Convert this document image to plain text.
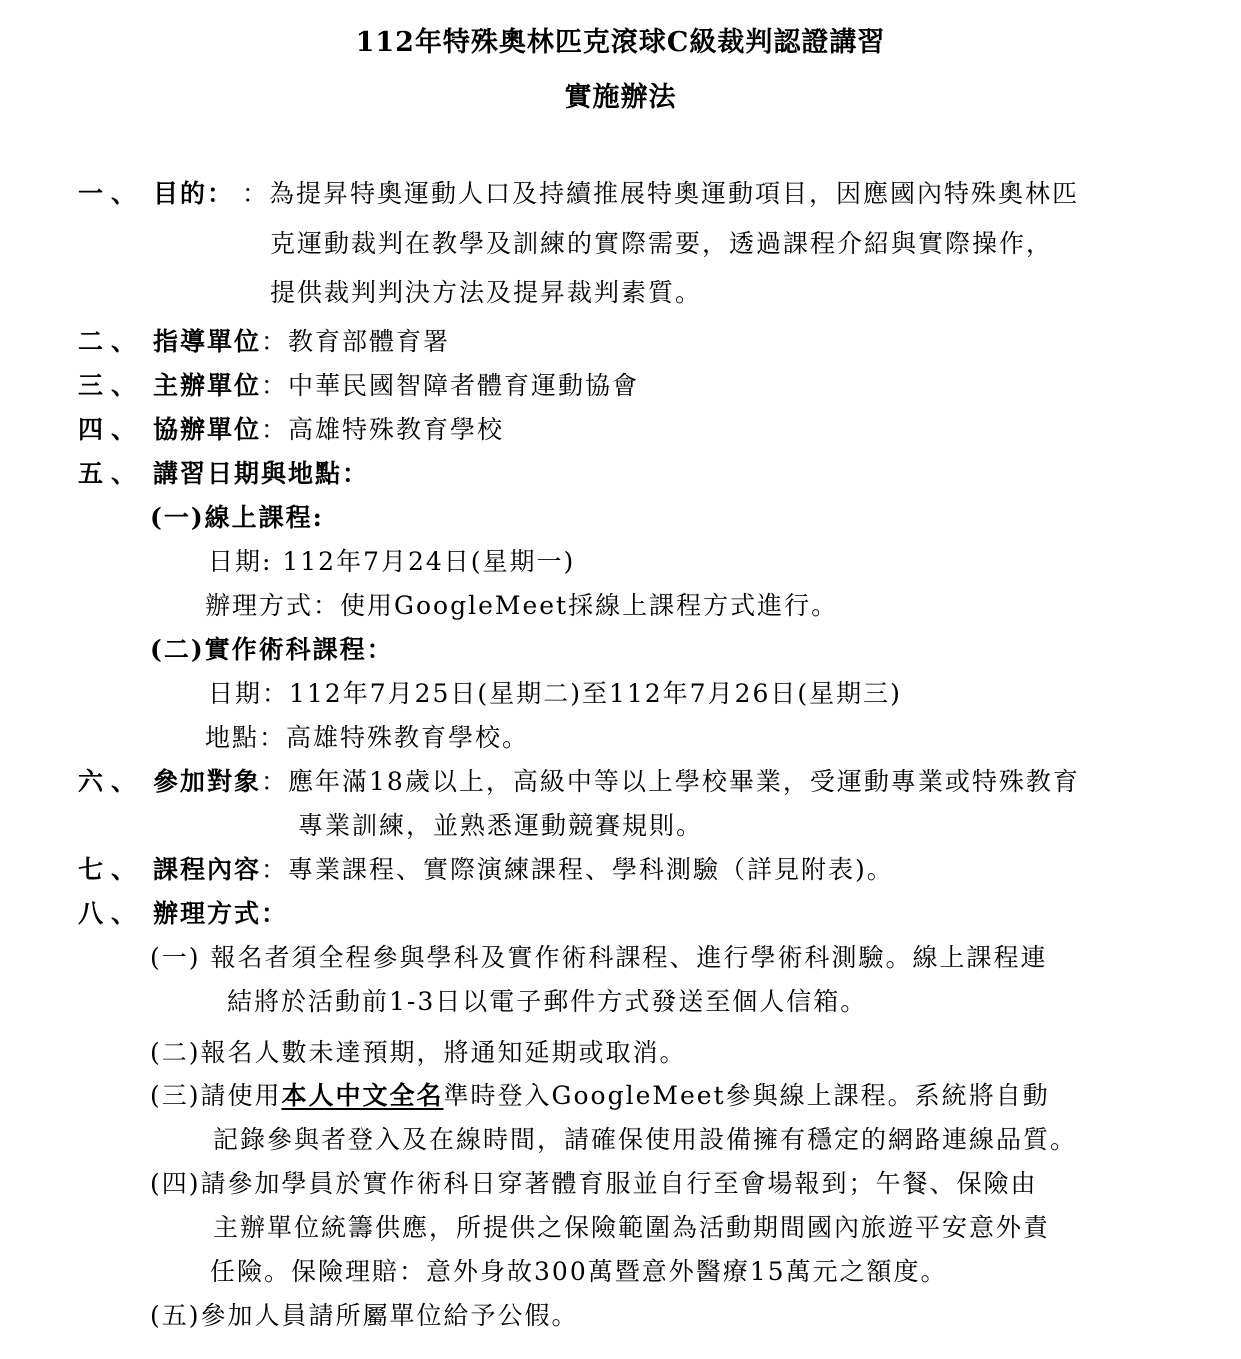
112年特殊奧林匹克滾球C級裁判認證講習
實施辦法
一、 目的： ：為提昇特奧運動人口及持續推展特奧運動項目，因應國內特殊奧林匹
克運動裁判在教學及訓練的實際需要，透過課程介紹與實際操作，
提供裁判判決方法及提昇裁判素質。
二、 指導單位：教育部體育署
三、 主辦單位：中華民國智障者體育運動協會
四、 協辦單位：高雄特殊教育學校
五、 講習日期與地點：
(一)線上課程:
日期: 112年7月24日(星期一)
辦理方式：使用GoogleMeet採線上課程方式進行。
(二)實作術科課程：
日期：112年7月25日(星期二)至112年7月26日(星期三)
地點：高雄特殊教育學校。
六、 參加對象：應年滿18歲以上，高級中等以上學校畢業，受運動專業或特殊教育
專業訓練，並熟悉運動競賽規則。
七、 課程內容：專業課程、實際演練課程、學科測驗（詳見附表)。
八、 辦理方式：
(一) 報名者須全程參與學科及實作術科課程、進行學術科測驗。線上課程連
結將於活動前1-3日以電子郵件方式發送至個人信箱。
(二)報名人數未達預期，將通知延期或取消。
(三)請使用本人中文全名準時登入GoogleMeet參與線上課程。系統將自動
記錄參與者登入及在線時間，請確保使用設備擁有穩定的網路連線品質。
(四)請參加學員於實作術科日穿著體育服並自行至會場報到；午餐、保險由
主辦單位統籌供應，所提供之保險範圍為活動期間國內旅遊平安意外責
任險。保險理賠：意外身故300萬暨意外醫療15萬元之額度。
(五)參加人員請所屬單位給予公假。
